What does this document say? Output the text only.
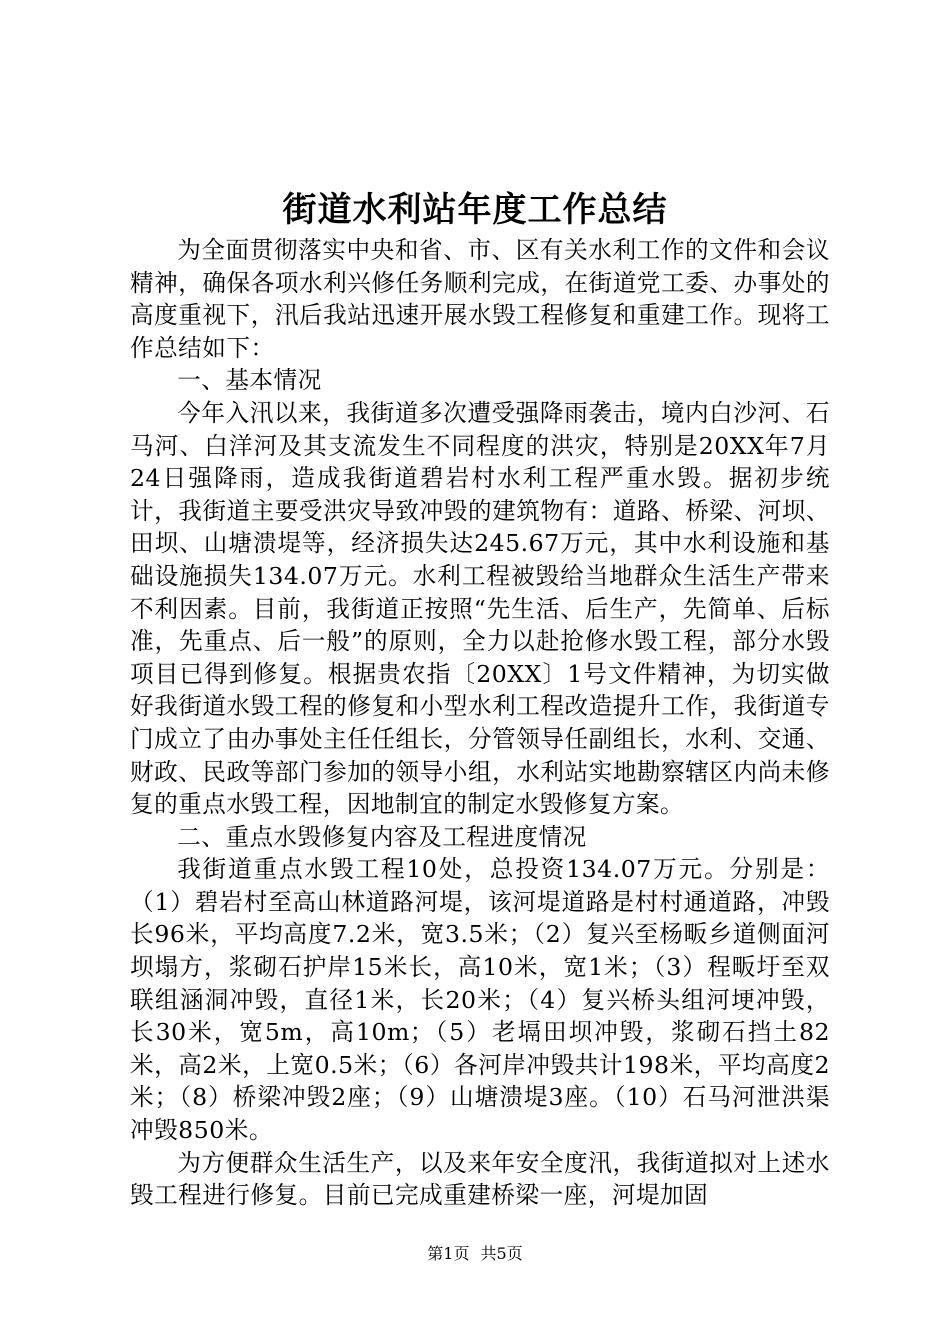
街道水利站年度工作总结

为全面贯彻落实中央和省、市、区有关水利工作的文件和会议精神，确保各项水利兴修任务顺利完成，在街道党工委、办事处的高度重视下，汛后我站迅速开展水毁工程修复和重建工作。现将工作总结如下：

一、基本情况

今年入汛以来，我街道多次遭受强降雨袭击，境内白沙河、石马河、白洋河及其支流发生不同程度的洪灾，特别是20XX年7月24日强降雨，造成我街道碧岩村水利工程严重水毁。据初步统计，我街道主要受洪灾导致冲毁的建筑物有：道路、桥梁、河坝、田坝、山塘溃堤等，经济损失达245.67万元，其中水利设施和基础设施损失134.07万元。水利工程被毁给当地群众生活生产带来不利因素。目前，我街道正按照“先生活、后生产，先简单、后标准，先重点、后一般”的原则，全力以赴抢修水毁工程，部分水毁项目已得到修复。根据贵农指〔20XX〕1号文件精神，为切实做好我街道水毁工程的修复和小型水利工程改造提升工作，我街道专门成立了由办事处主任任组长，分管领导任副组长，水利、交通、财政、民政等部门参加的领导小组，水利站实地勘察辖区内尚未修复的重点水毁工程，因地制宜的制定水毁修复方案。

二、重点水毁修复内容及工程进度情况

我街道重点水毁工程10处，总投资134.07万元。分别是：（1）碧岩村至高山林道路河堤，该河堤道路是村村通道路，冲毁长96米，平均高度7.2米，宽3.5米；（2）复兴至杨畈乡道侧面河坝塌方，浆砌石护岸15米长，高10米，宽1米；（3）程畈圩至双联组涵洞冲毁，直径1米，长20米；（4）复兴桥头组河埂冲毁，长30米，宽5m，高10m；（5）老塥田坝冲毁，浆砌石挡土82米，高2米，上宽0.5米；（6）各河岸冲毁共计198米，平均高度2米；（8）桥梁冲毁2座；（9）山塘溃堤3座。（10）石马河泄洪渠冲毁850米。

为方便群众生活生产，以及来年安全度汛，我街道拟对上述水毁工程进行修复。目前已完成重建桥梁一座，河堤加固

第1页 共5页
